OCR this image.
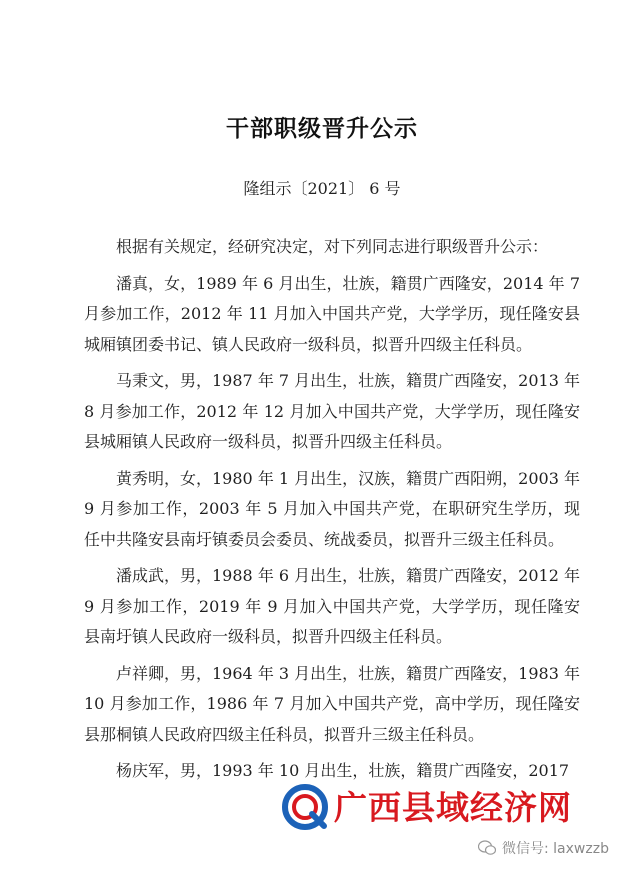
干部职级晋升公示
隆组示〔2021〕 6 号

根据有关规定，经研究决定，对下列同志进行职级晋升公示：

潘真，女，1989 年 6 月出生，壮族，籍贯广西隆安，2014 年 7 月参加工作，2012 年 11 月加入中国共产党，大学学历，现任隆安县城厢镇团委书记、镇人民政府一级科员，拟晋升四级主任科员。

马秉文，男，1987 年 7 月出生，壮族，籍贯广西隆安，2013 年 8 月参加工作，2012 年 12 月加入中国共产党，大学学历，现任隆安县城厢镇人民政府一级科员，拟晋升四级主任科员。

黄秀明，女，1980 年 1 月出生，汉族，籍贯广西阳朔，2003 年 9 月参加工作，2003 年 5 月加入中国共产党，在职研究生学历，现任中共隆安县南圩镇委员会委员、统战委员，拟晋升三级主任科员。

潘成武，男，1988 年 6 月出生，壮族，籍贯广西隆安，2012 年 9 月参加工作，2019 年 9 月加入中国共产党，大学学历，现任隆安县南圩镇人民政府一级科员，拟晋升四级主任科员。

卢祥卿，男，1964 年 3 月出生，壮族，籍贯广西隆安，1983 年 10 月参加工作，1986 年 7 月加入中国共产党，高中学历，现任隆安县那桐镇人民政府四级主任科员，拟晋升三级主任科员。

杨庆军，男，1993 年 10 月出生，壮族，籍贯广西隆安，2017

广西县域经济网
微信号: laxwzzb
